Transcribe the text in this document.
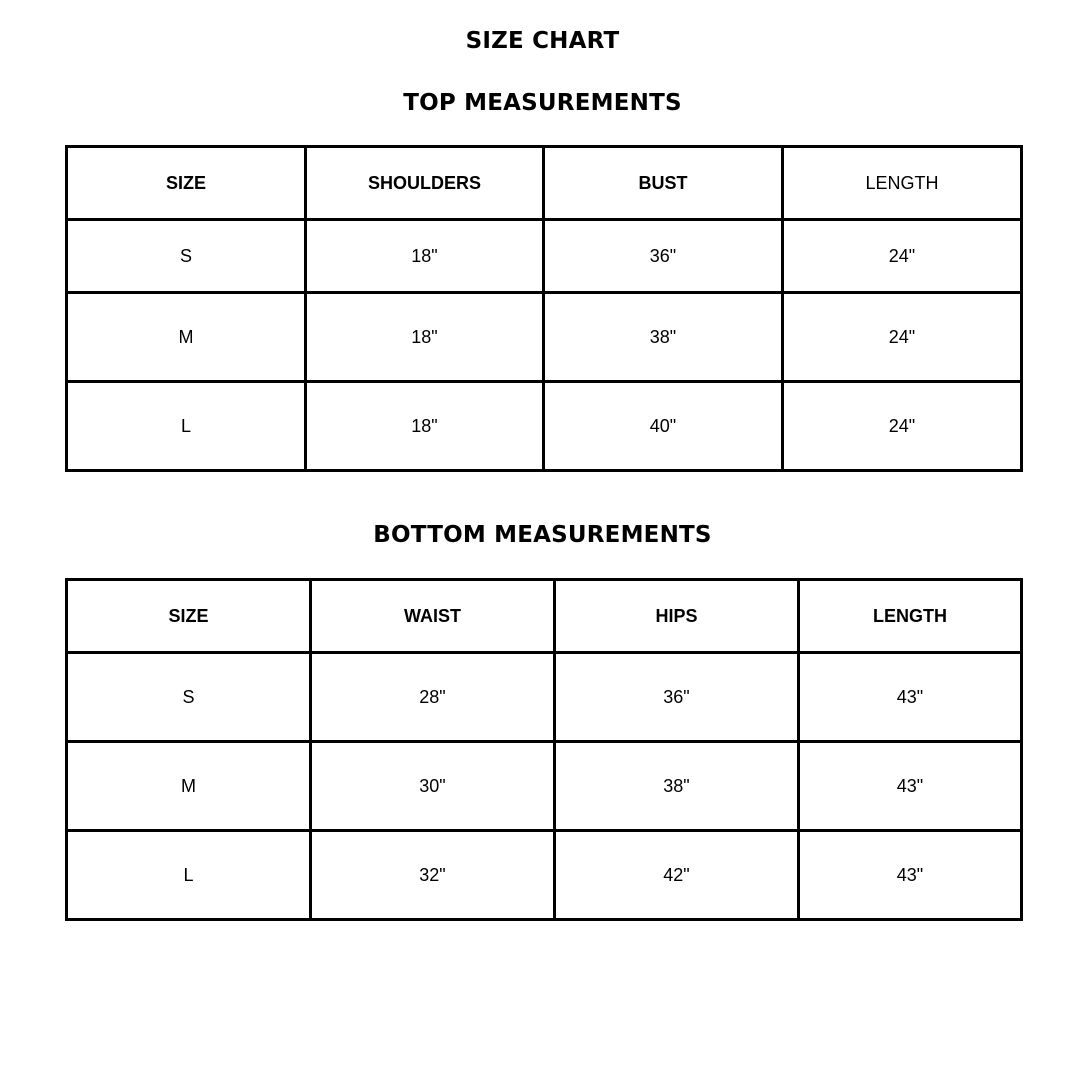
SIZE CHART
TOP MEASUREMENTS
SIZE	SHOULDERS	BUST	LENGTH
S	18"	36"	24"
M	18"	38"	24"
L	18"	40"	24"
BOTTOM MEASUREMENTS
SIZE	WAIST	HIPS	LENGTH
S	28"	36"	43"
M	30"	38"	43"
L	32"	42"	43"
